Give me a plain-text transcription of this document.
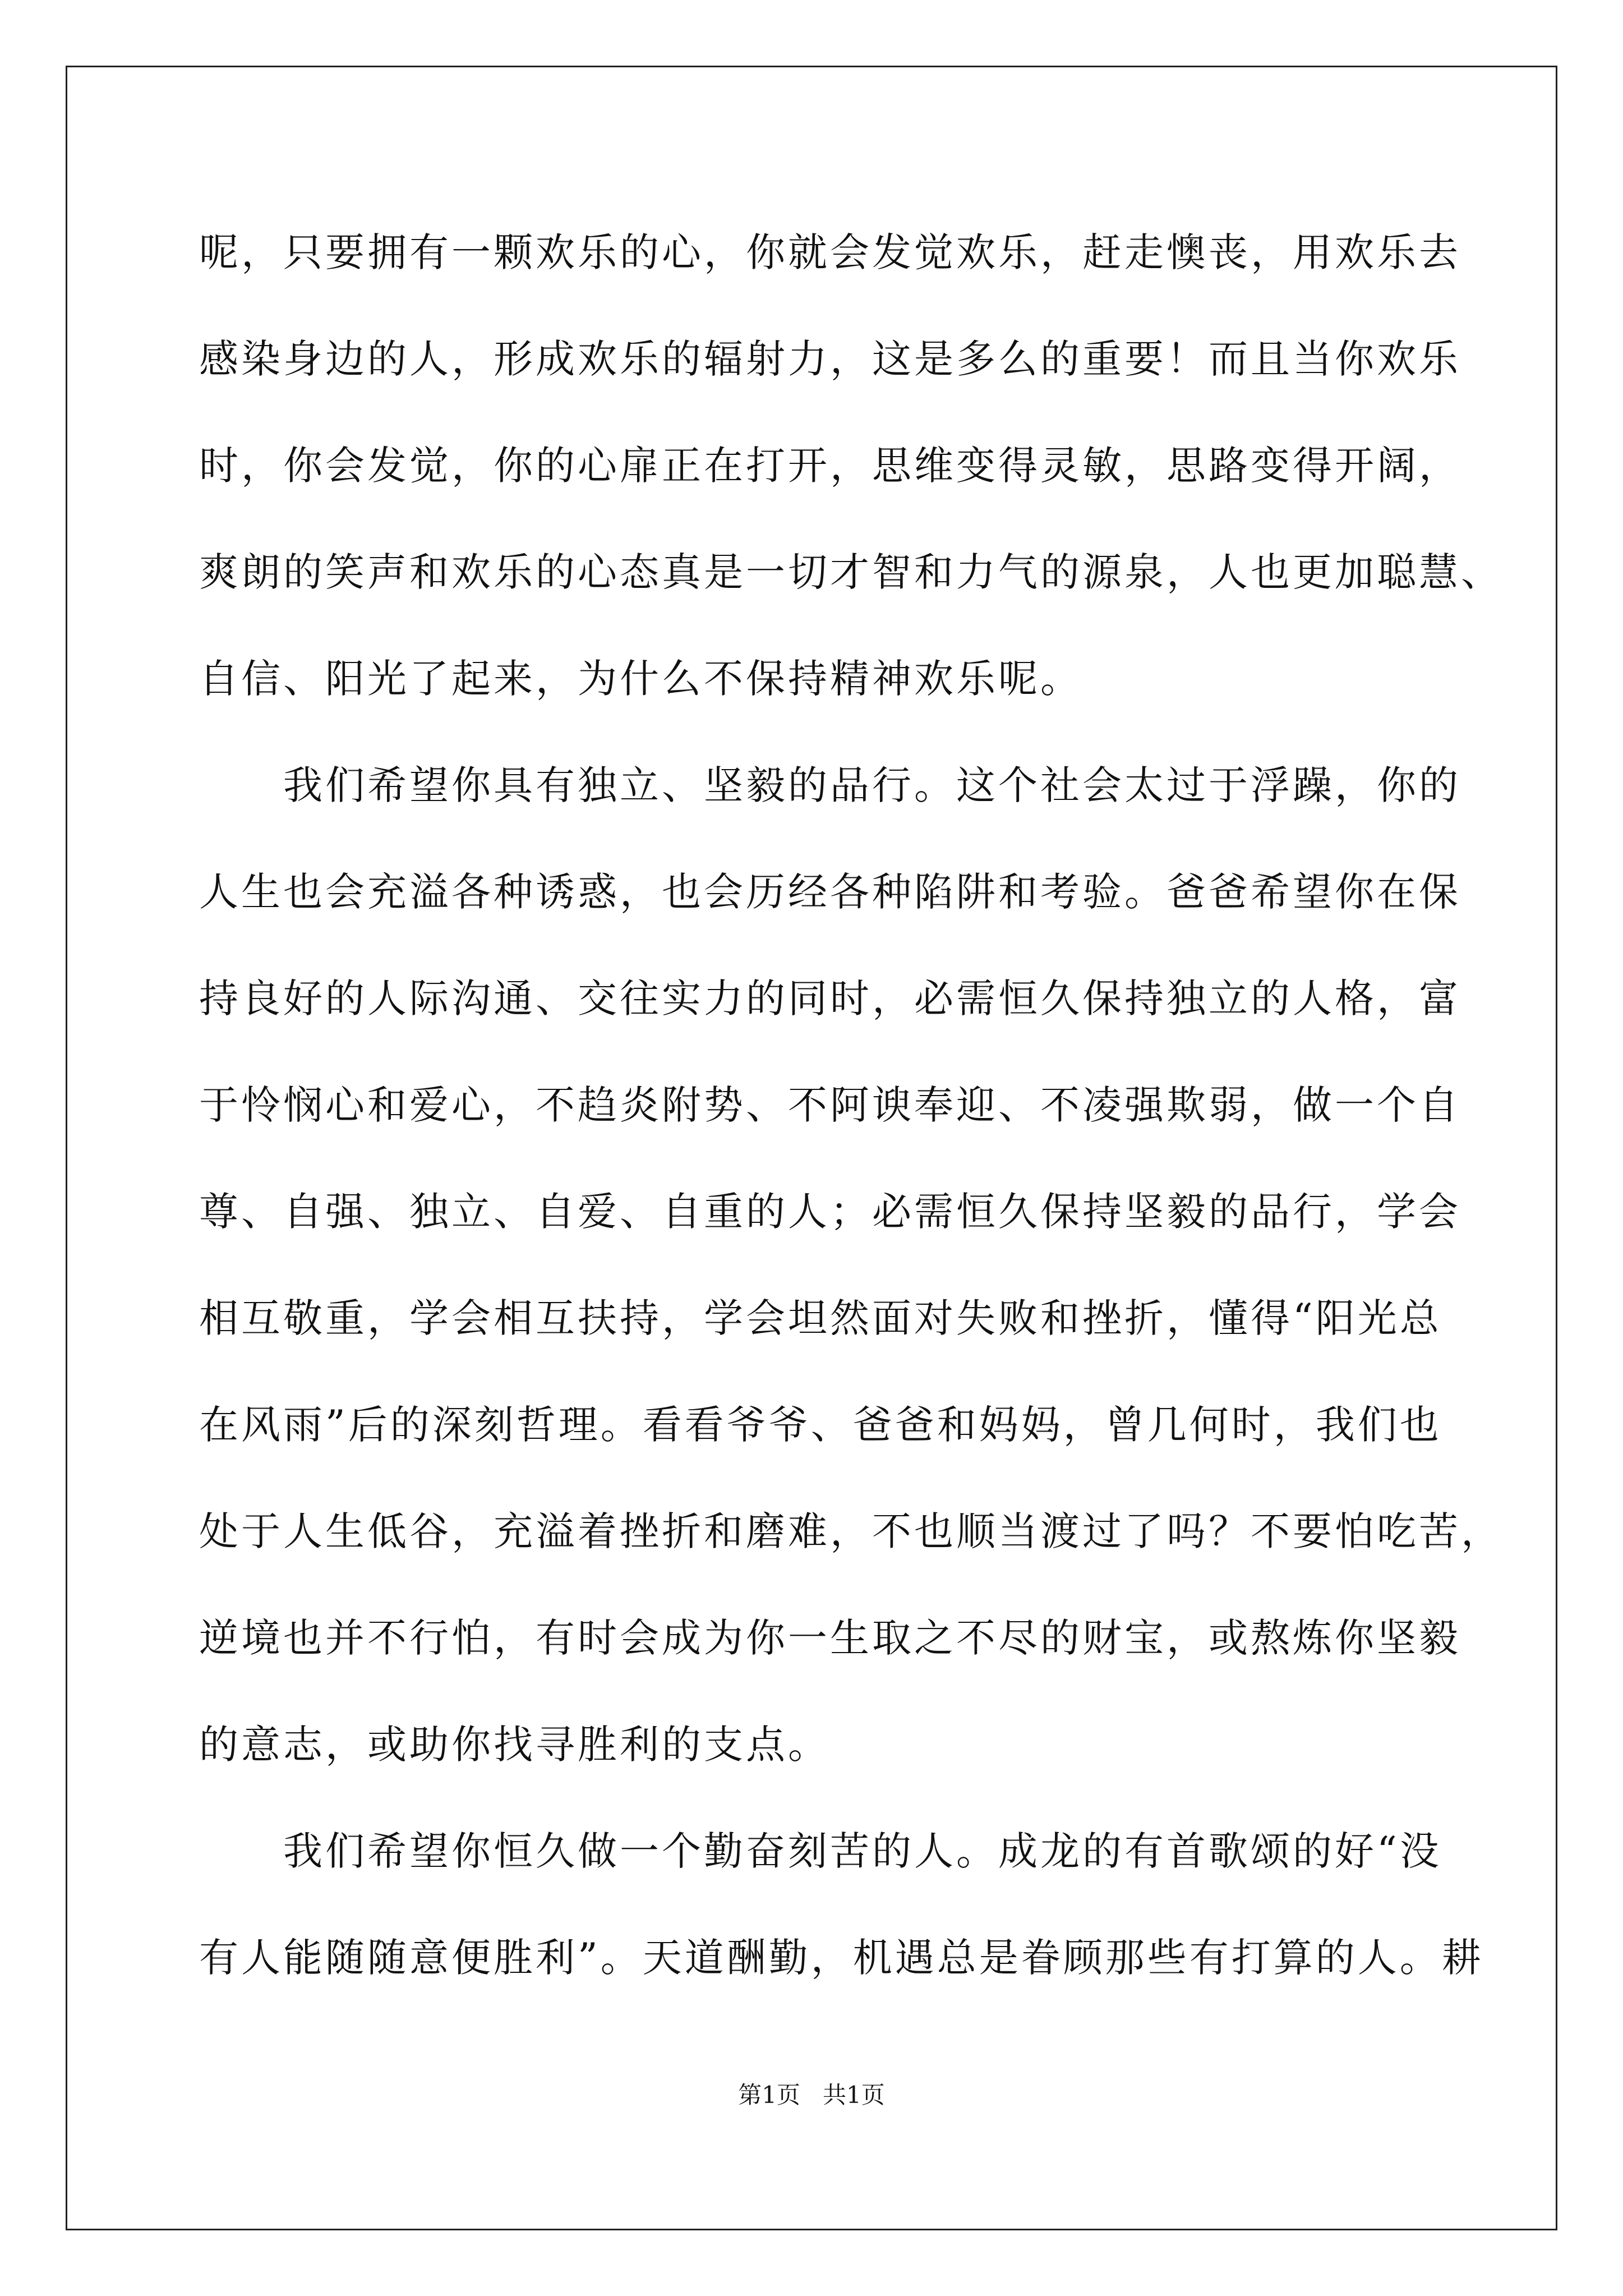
呢，只要拥有一颗欢乐的心，你就会发觉欢乐，赶走懊丧，用欢乐去
感染身边的人，形成欢乐的辐射力，这是多么的重要！而且当你欢乐
时，你会发觉，你的心扉正在打开，思维变得灵敏，思路变得开阔，
爽朗的笑声和欢乐的心态真是一切才智和力气的源泉，人也更加聪慧、
自信、阳光了起来，为什么不保持精神欢乐呢。
　　我们希望你具有独立、坚毅的品行。这个社会太过于浮躁，你的
人生也会充溢各种诱惑，也会历经各种陷阱和考验。爸爸希望你在保
持良好的人际沟通、交往实力的同时，必需恒久保持独立的人格，富
于怜悯心和爱心，不趋炎附势、不阿谀奉迎、不凌强欺弱，做一个自
尊、自强、独立、自爱、自重的人；必需恒久保持坚毅的品行，学会
相互敬重，学会相互扶持，学会坦然面对失败和挫折，懂得“阳光总
在风雨”后的深刻哲理。看看爷爷、爸爸和妈妈，曾几何时，我们也
处于人生低谷，充溢着挫折和磨难，不也顺当渡过了吗？不要怕吃苦，
逆境也并不行怕，有时会成为你一生取之不尽的财宝，或熬炼你坚毅
的意志，或助你找寻胜利的支点。
　　我们希望你恒久做一个勤奋刻苦的人。成龙的有首歌颂的好“没
有人能随随意便胜利”。天道酬勤，机遇总是眷顾那些有打算的人。耕
第1页   共1页
